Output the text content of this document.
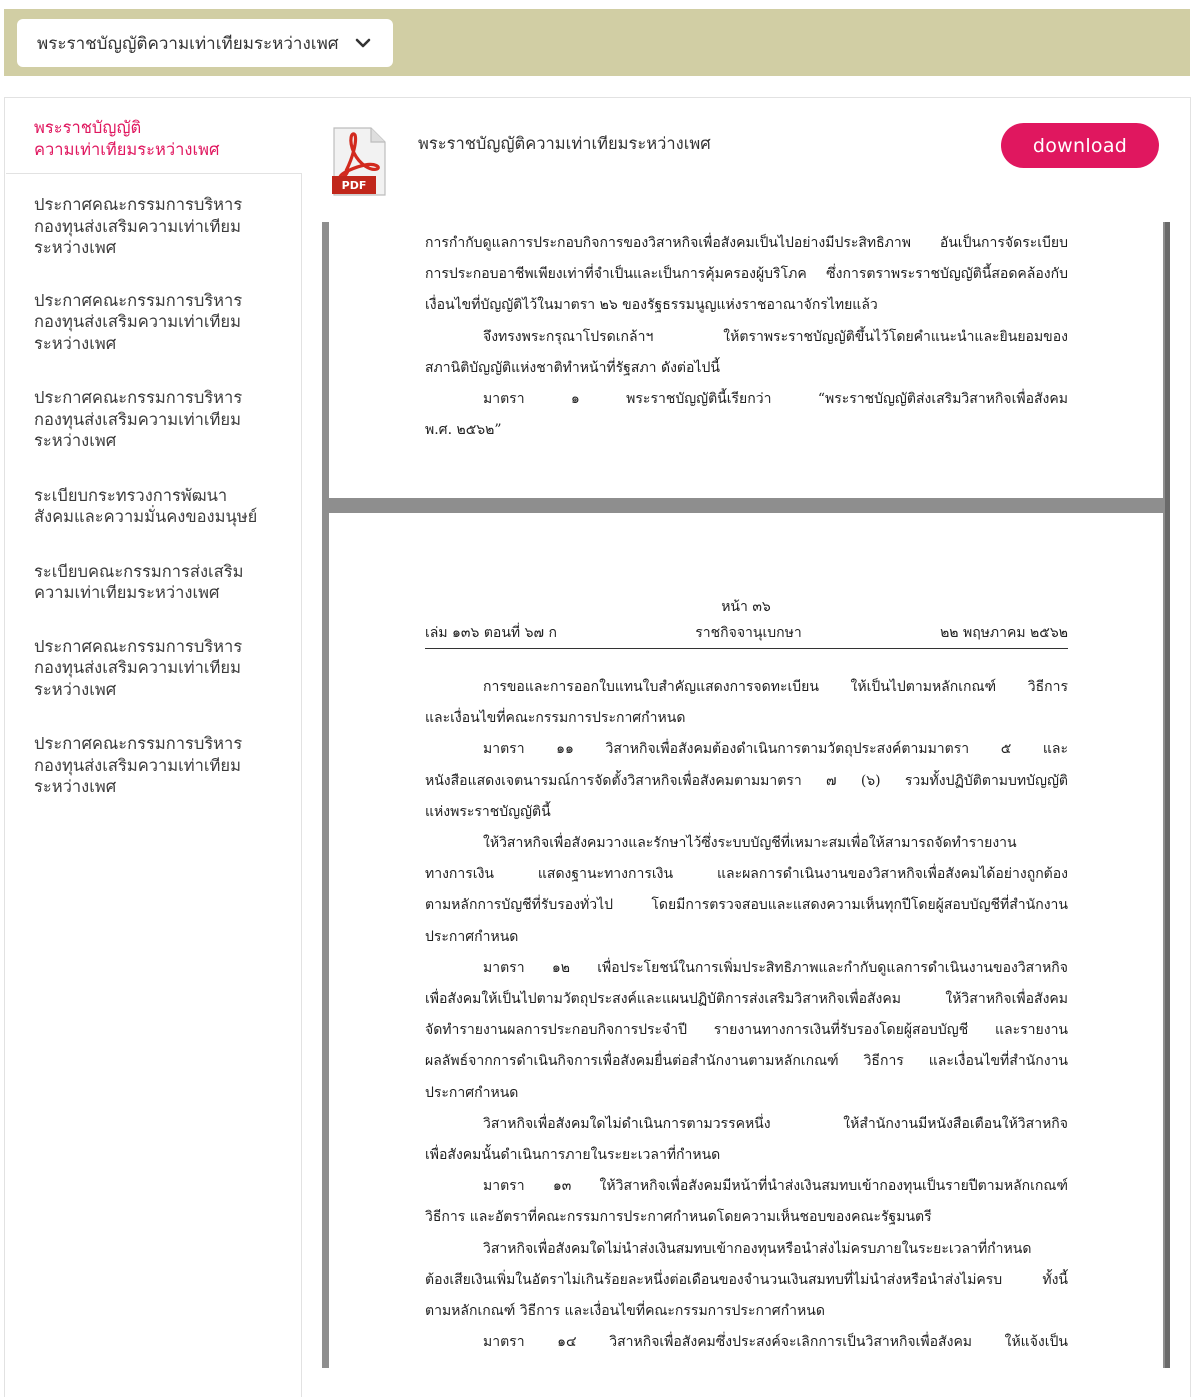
พระราชบัญญัติความเท่าเทียมระหว่างเพศ
พระราชบัญญัติ
ความเท่าเทียมระหว่างเพศ
ประกาศคณะกรรมการบริหาร
กองทุนส่งเสริมความเท่าเทียม
ระหว่างเพศ
ประกาศคณะกรรมการบริหาร
กองทุนส่งเสริมความเท่าเทียม
ระหว่างเพศ
ประกาศคณะกรรมการบริหาร
กองทุนส่งเสริมความเท่าเทียม
ระหว่างเพศ
ระเบียบกระทรวงการพัฒนา
สังคมและความมั่นคงของมนุษย์
ระเบียบคณะกรรมการส่งเสริม
ความเท่าเทียมระหว่างเพศ
ประกาศคณะกรรมการบริหาร
กองทุนส่งเสริมความเท่าเทียม
ระหว่างเพศ
ประกาศคณะกรรมการบริหาร
กองทุนส่งเสริมความเท่าเทียม
ระหว่างเพศ
PDF
พระราชบัญญัติความเท่าเทียมระหว่างเพศ	download

การกำกับดูแลการประกอบกิจการของวิสาหกิจเพื่อสังคมเป็นไปอย่างมีประสิทธิภาพ อันเป็นการจัดระเบียบ

การประกอบอาชีพเพียงเท่าที่จำเป็นและเป็นการคุ้มครองผู้บริโภค ซึ่งการตราพระราชบัญญัตินี้สอดคล้องกับ

เงื่อนไขที่บัญญัติไว้ในมาตรา ๒๖ ของรัฐธรรมนูญแห่งราชอาณาจักรไทยแล้ว

จึงทรงพระกรุณาโปรดเกล้าฯ ให้ตราพระราชบัญญัติขึ้นไว้โดยคำแนะนำและยินยอมของ

สภานิติบัญญัติแห่งชาติทำหน้าที่รัฐสภา ดังต่อไปนี้

มาตรา ๑ พระราชบัญญัตินี้เรียกว่า “พระราชบัญญัติส่งเสริมวิสาหกิจเพื่อสังคม

พ.ศ. ๒๕๖๒”

หน้า ๓๖
เล่ม ๑๓๖ ตอนที่ ๖๗ ก	ราชกิจจานุเบกษา	๒๒ พฤษภาคม ๒๕๖๒

การขอและการออกใบแทนใบสำคัญแสดงการจดทะเบียน ให้เป็นไปตามหลักเกณฑ์ วิธีการ

และเงื่อนไขที่คณะกรรมการประกาศกำหนด

มาตรา ๑๑ วิสาหกิจเพื่อสังคมต้องดำเนินการตามวัตถุประสงค์ตามมาตรา ๕ และ

หนังสือแสดงเจตนารมณ์การจัดตั้งวิสาหกิจเพื่อสังคมตามมาตรา ๗ (๖) รวมทั้งปฏิบัติตามบทบัญญัติ

แห่งพระราชบัญญัตินี้

ให้วิสาหกิจเพื่อสังคมวางและรักษาไว้ซึ่งระบบบัญชีที่เหมาะสมเพื่อให้สามารถจัดทำรายงาน

ทางการเงิน แสดงฐานะทางการเงิน และผลการดำเนินงานของวิสาหกิจเพื่อสังคมได้อย่างถูกต้อง

ตามหลักการบัญชีที่รับรองทั่วไป โดยมีการตรวจสอบและแสดงความเห็นทุกปีโดยผู้สอบบัญชีที่สำนักงาน

ประกาศกำหนด

มาตรา ๑๒ เพื่อประโยชน์ในการเพิ่มประสิทธิภาพและกำกับดูแลการดำเนินงานของวิสาหกิจ

เพื่อสังคมให้เป็นไปตามวัตถุประสงค์และแผนปฏิบัติการส่งเสริมวิสาหกิจเพื่อสังคม ให้วิสาหกิจเพื่อสังคม

จัดทำรายงานผลการประกอบกิจการประจำปี รายงานทางการเงินที่รับรองโดยผู้สอบบัญชี และรายงาน

ผลลัพธ์จากการดำเนินกิจการเพื่อสังคมยื่นต่อสำนักงานตามหลักเกณฑ์ วิธีการ และเงื่อนไขที่สำนักงาน

ประกาศกำหนด

วิสาหกิจเพื่อสังคมใดไม่ดำเนินการตามวรรคหนึ่ง ให้สำนักงานมีหนังสือเตือนให้วิสาหกิจ

เพื่อสังคมนั้นดำเนินการภายในระยะเวลาที่กำหนด

มาตรา ๑๓ ให้วิสาหกิจเพื่อสังคมมีหน้าที่นำส่งเงินสมทบเข้ากองทุนเป็นรายปีตามหลักเกณฑ์

วิธีการ และอัตราที่คณะกรรมการประกาศกำหนดโดยความเห็นชอบของคณะรัฐมนตรี

วิสาหกิจเพื่อสังคมใดไม่นำส่งเงินสมทบเข้ากองทุนหรือนำส่งไม่ครบภายในระยะเวลาที่กำหนด

ต้องเสียเงินเพิ่มในอัตราไม่เกินร้อยละหนึ่งต่อเดือนของจำนวนเงินสมทบที่ไม่นำส่งหรือนำส่งไม่ครบ ทั้งนี้

ตามหลักเกณฑ์ วิธีการ และเงื่อนไขที่คณะกรรมการประกาศกำหนด

มาตรา ๑๔ วิสาหกิจเพื่อสังคมซึ่งประสงค์จะเลิกการเป็นวิสาหกิจเพื่อสังคม ให้แจ้งเป็น
